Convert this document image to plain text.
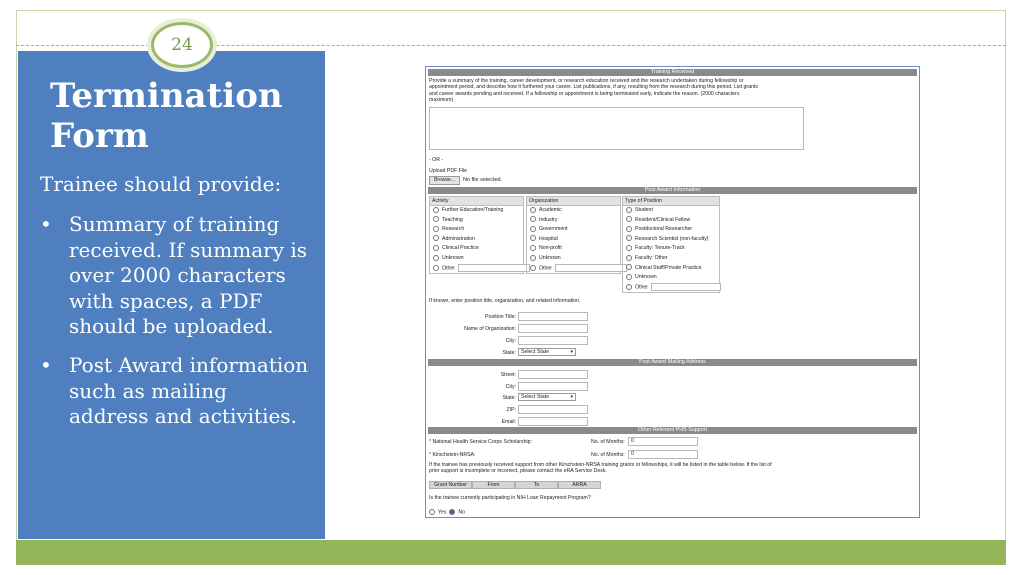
24
Termination
Form

Trainee should provide:

• Summary of training received. If summary is over 2000 characters with spaces, a PDF should be uploaded.
• Post Award information such as mailing address and activities.
Training Received
Provide a summary of the training, career development, or research education received and the research undertaken during fellowship or appointment period, and describe how it furthered your career. List publications, if any, resulting from the research during this period. List grants and career awards pending and received. If a fellowship or appointment is being terminated early, indicate the reason. (2000 characters maximum)
- OR -
Upload PDF File
Browse...	No file selected.
Post Award Information
Activity
Further Education/Training
Teaching
Research
Administration
Clinical Practice
Unknown
Other
Organization
Academic
Industry
Government
Hospital
Non-profit
Unknown
Other
Type of Position
Student
Resident/Clinical Fellow
Postdoctoral Researcher
Research Scientist (non-faculty)
Faculty: Tenure-Track
Faculty: Other
Clinical Staff/Private Practice
Unknown
Other
If known, enter position title, organization, and related information.
Position Title:
Name of Organization:
City:
State: Select State ▾
Post Award Mailing Address
Street:
City:
State: Select State ▾
ZIP:
Email:
Other Relevant PHS Support
* National Health Service Corps Scholarship:	No. of Months:	0
* Kirschstein-NRSA:	No. of Months:	0
If the trainee has previously received support from other Kirschstein-NRSA training grants or fellowships, it will be listed in the table below. If the list of prior support is incomplete or incorrect, please contact the eRA Service Desk.
Grant Number	From	To	ARRA
Is the trainee currently participating in NIH Loan Repayment Program?
Yes No
